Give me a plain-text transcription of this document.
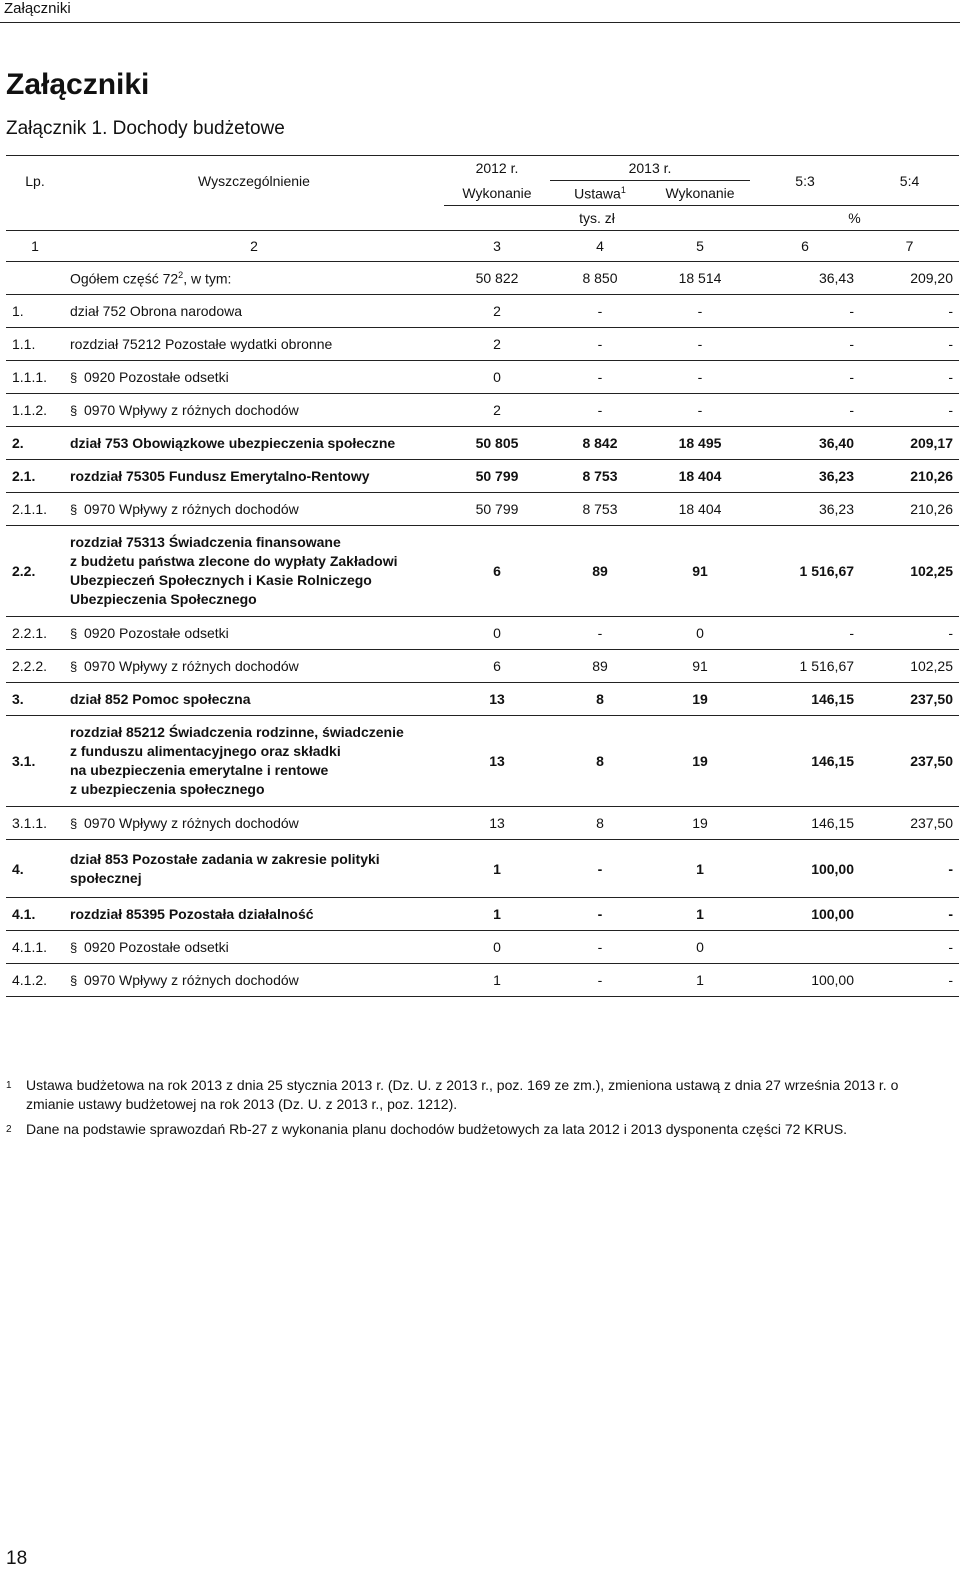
Załączniki
Załączniki
Załącznik 1. Dochody budżetowe
Lp.	Wyszczególnienie	2012 r.	2013 r.		5:3	5:4
		Wykonanie	Ustawa$^1$	Wykonanie		
		tys. zł			%	
1	2	3	4	5	6	7
	Ogółem część $72^2$, w tym:	50 822	8 850	18 514	36,43	209,20
1.	dział 752 Obrona narodowa	2	-	-	-	-
1.1.	rozdział 75212 Pozostałe wydatki obronne	2	-	-	-	-
1.1.1.	§ 0920 Pozostałe odsetki	0	-	-	-	-
1.1.2.	§ 0970 Wpływy z różnych dochodów	2	-	-	-	-
2.	dział 753 Obowiązkowe ubezpieczenia społeczne	50 805	8 842	18 495	36,40	209,17
2.1.	rozdział 75305 Fundusz Emerytalno-Rentowy	50 799	8 753	18 404	36,23	210,26
2.1.1.	§ 0970 Wpływy z różnych dochodów	50 799	8 753	18 404	36,23	210,26
2.2.	rozdział 75313 Świadczenia finansowane
z budżetu państwa zlecone do wypłaty Zakładowi
Ubezpieczeń Społecznych i Kasie Rolniczego
Ubezpieczenia Społecznego	6	89	91	1 516,67	102,25
2.2.1.	§ 0920 Pozostałe odsetki	0	-	0	-	-
2.2.2.	§ 0970 Wpływy z różnych dochodów	6	89	91	1 516,67	102,25
3.	dział 852 Pomoc społeczna	13	8	19	146,15	237,50
3.1.	rozdział 85212 Świadczenia rodzinne, świadczenie
z funduszu alimentacyjnego oraz składki
na ubezpieczenia emerytalne i rentowe
z ubezpieczenia społecznego	13	8	19	146,15	237,50
3.1.1.	§ 0970 Wpływy z różnych dochodów	13	8	19	146,15	237,50
4.	dział 853 Pozostałe zadania w zakresie polityki
społecznej	1	-	1	100,00	-
4.1.	rozdział 85395 Pozostała działalność	1	-	1	100,00	-
4.1.1.	§ 0920 Pozostałe odsetki	0	-	0		-
4.1.2.	§ 0970 Wpływy z różnych dochodów	1	-	1	100,00	-
1	Ustawa budżetowa na rok 2013 z dnia 25 stycznia 2013 r. (Dz. U. z 2013 r., poz. 169 ze zm.), zmieniona ustawą z dnia 27 września 2013 r. o zmianie ustawy budżetowej na rok 2013 (Dz. U. z 2013 r., poz. 1212).
2	Dane na podstawie sprawozdań Rb-27 z wykonania planu dochodów budżetowych za lata 2012 i 2013 dysponenta części 72 KRUS.
18
